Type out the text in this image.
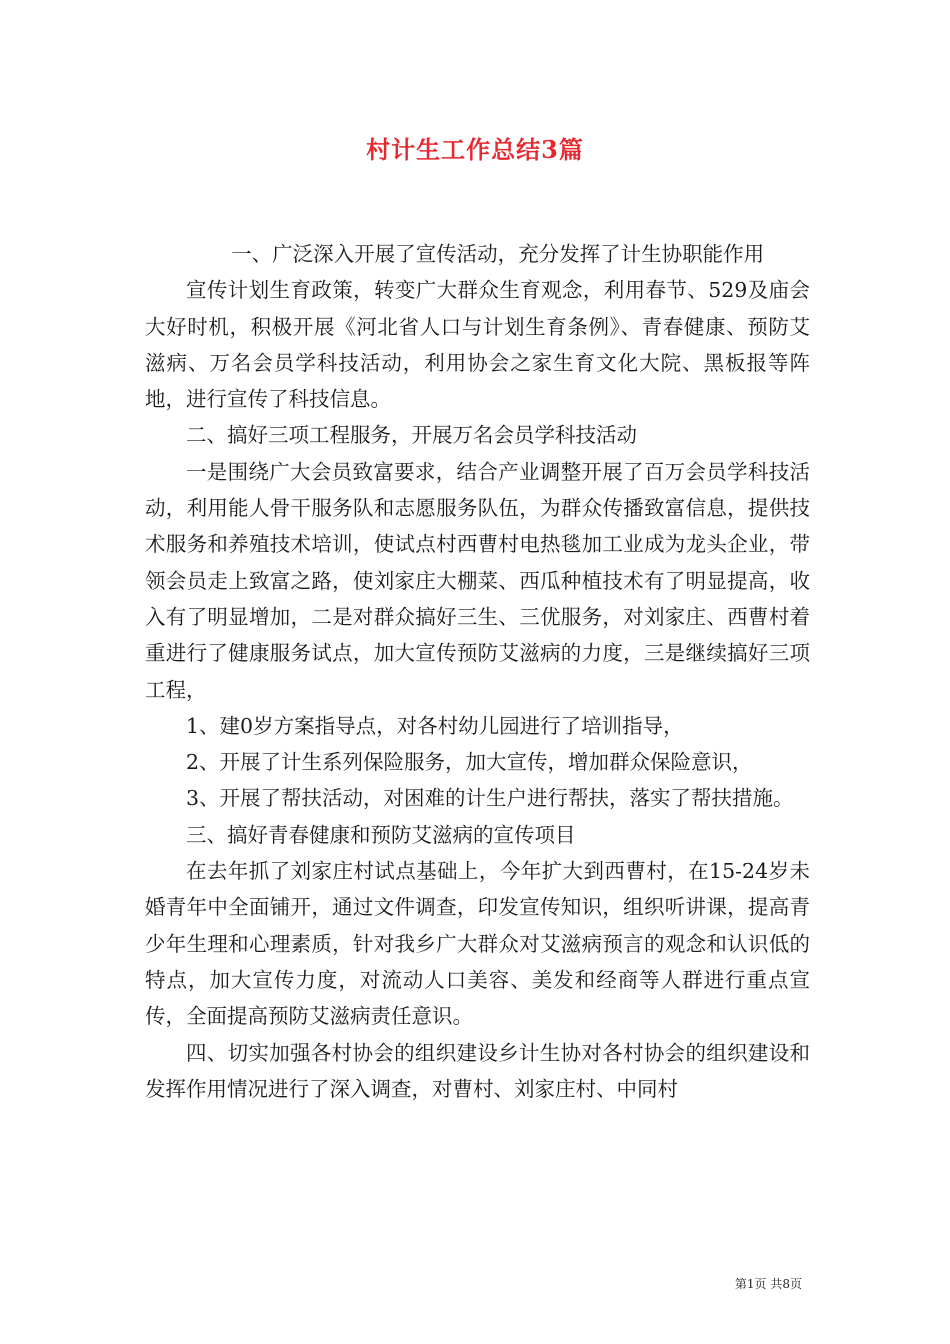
村计生工作总结3篇

一、广泛深入开展了宣传活动，充分发挥了计生协职能作用

宣传计划生育政策，转变广大群众生育观念，利用春节、529及庙会大好时机，积极开展《河北省人口与计划生育条例》、青春健康、预防艾滋病、万名会员学科技活动，利用协会之家生育文化大院、黑板报等阵地，进行宣传了科技信息。

二、搞好三项工程服务，开展万名会员学科技活动

一是围绕广大会员致富要求，结合产业调整开展了百万会员学科技活动，利用能人骨干服务队和志愿服务队伍，为群众传播致富信息，提供技术服务和养殖技术培训，使试点村西曹村电热毯加工业成为龙头企业，带领会员走上致富之路，使刘家庄大棚菜、西瓜种植技术有了明显提高，收入有了明显增加，二是对群众搞好三生、三优服务，对刘家庄、西曹村着重进行了健康服务试点，加大宣传预防艾滋病的力度，三是继续搞好三项工程，

1、建0岁方案指导点，对各村幼儿园进行了培训指导，

2、开展了计生系列保险服务，加大宣传，增加群众保险意识，

3、开展了帮扶活动，对困难的计生户进行帮扶，落实了帮扶措施。

三、搞好青春健康和预防艾滋病的宣传项目

在去年抓了刘家庄村试点基础上，今年扩大到西曹村，在15-24岁未婚青年中全面铺开，通过文件调查，印发宣传知识，组织听讲课，提高青少年生理和心理素质，针对我乡广大群众对艾滋病预言的观念和认识低的特点，加大宣传力度，对流动人口美容、美发和经商等人群进行重点宣传，全面提高预防艾滋病责任意识。

四、切实加强各村协会的组织建设乡计生协对各村协会的组织建设和发挥作用情况进行了深入调查，对曹村、刘家庄村、中同村

第1页 共8页
